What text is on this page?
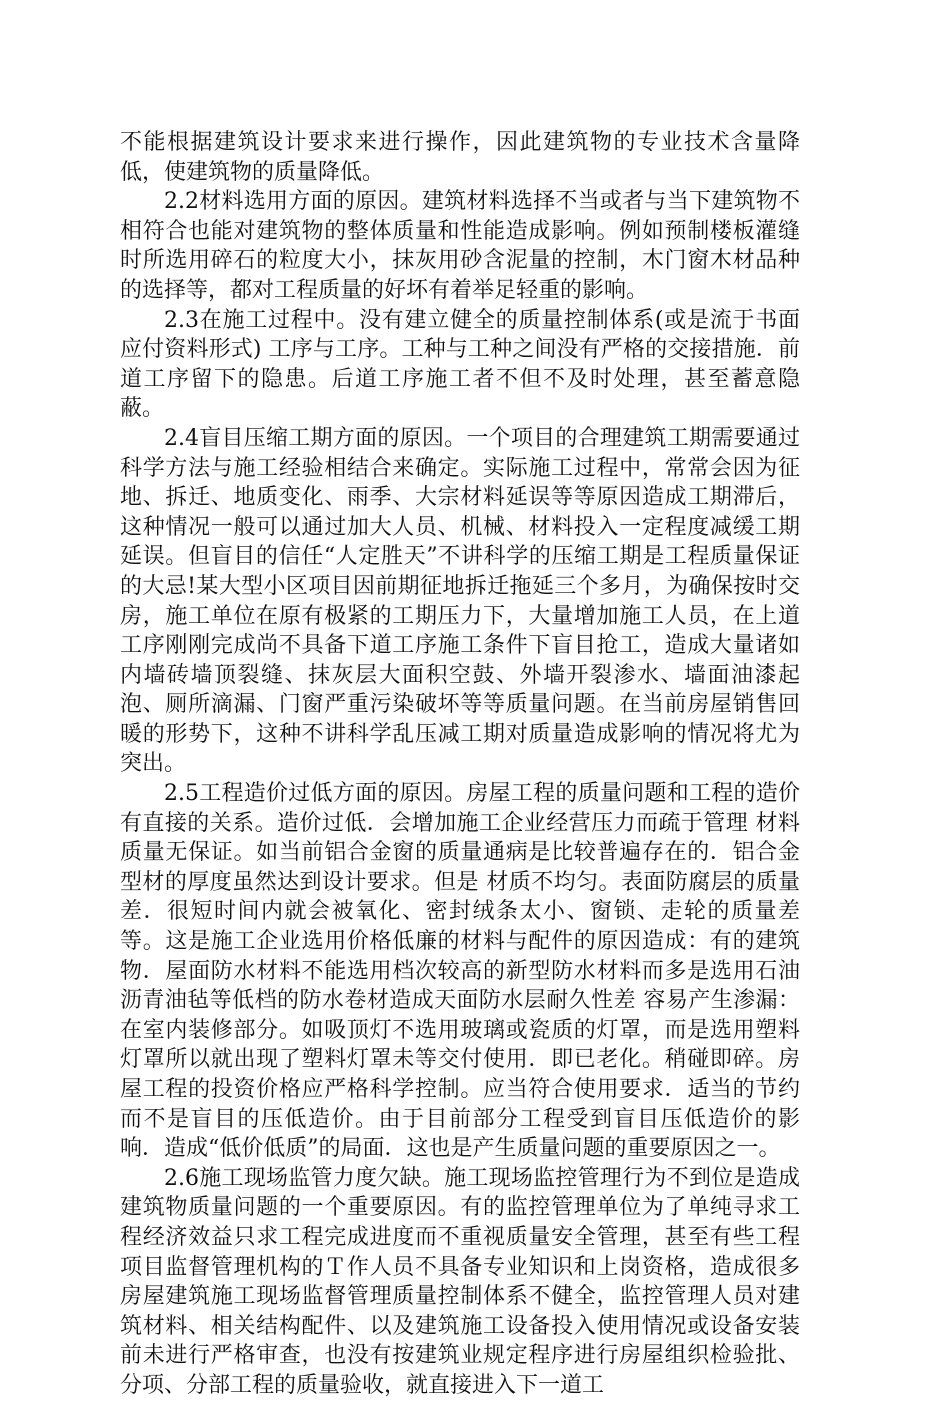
不能根据建筑设计要求来进行操作，因此建筑物的专业技术含量降低，使建筑物的质量降低。

2.2材料选用方面的原因。建筑材料选择不当或者与当下建筑物不相符合也能对建筑物的整体质量和性能造成影响。例如预制楼板灌缝时所选用碎石的粒度大小，抹灰用砂含泥量的控制，木门窗木材品种的选择等，都对工程质量的好坏有着举足轻重的影响。

2.3在施工过程中。没有建立健全的质量控制体系(或是流于书面应付资料形式) 工序与工序。工种与工种之间没有严格的交接措施．前道工序留下的隐患。后道工序施工者不但不及时处理，甚至蓄意隐蔽。

2.4盲目压缩工期方面的原因。一个项目的合理建筑工期需要通过科学方法与施工经验相结合来确定。实际施工过程中，常常会因为征地、拆迁、地质变化、雨季、大宗材料延误等等原因造成工期滞后，这种情况一般可以通过加大人员、机械、材料投入一定程度减缓工期延误。但盲目的信任“人定胜天”不讲科学的压缩工期是工程质量保证的大忌!某大型小区项目因前期征地拆迁拖延三个多月，为确保按时交房，施工单位在原有极紧的工期压力下，大量增加施工人员，在上道工序刚刚完成尚不具备下道工序施工条件下盲目抢工，造成大量诸如内墙砖墙顶裂缝、抹灰层大面积空鼓、外墙开裂渗水、墙面油漆起泡、厕所滴漏、门窗严重污染破坏等等质量问题。在当前房屋销售回暖的形势下，这种不讲科学乱压减工期对质量造成影响的情况将尤为突出。

2.5工程造价过低方面的原因。房屋工程的质量问题和工程的造价有直接的关系。造价过低．会增加施工企业经营压力而疏于管理 材料质量无保证。如当前铝合金窗的质量通病是比较普遍存在的．铝合金型材的厚度虽然达到设计要求。但是 材质不均匀。表面防腐层的质量差．很短时间内就会被氧化、密封绒条太小、窗锁、走轮的质量差等。这是施工企业选用价格低廉的材料与配件的原因造成：有的建筑物．屋面防水材料不能选用档次较高的新型防水材料而多是选用石油沥青油毡等低档的防水卷材造成天面防水层耐久性差 容易产生渗漏：在室内装修部分。如吸顶灯不选用玻璃或瓷质的灯罩，而是选用塑料灯罩所以就出现了塑料灯罩未等交付使用．即已老化。稍碰即碎。房屋工程的投资价格应严格科学控制。应当符合使用要求．适当的节约而不是盲目的压低造价。由于目前部分工程受到盲目压低造价的影响．造成“低价低质”的局面．这也是产生质量问题的重要原因之一。

2.6施工现场监管力度欠缺。施工现场监控管理行为不到位是造成建筑物质量问题的一个重要原因。有的监控管理单位为了单纯寻求工程经济效益只求工程完成进度而不重视质量安全管理，甚至有些工程项目监督管理机构的Ｔ作人员不具备专业知识和上岗资格，造成很多房屋建筑施工现场监督管理质量控制体系不健全，监控管理人员对建筑材料、相关结构配件、以及建筑施工设备投入使用情况或设备安装前未进行严格审查，也没有按建筑业规定程序进行房屋组织检验批、分项、分部工程的质量验收，就直接进入下一道工
